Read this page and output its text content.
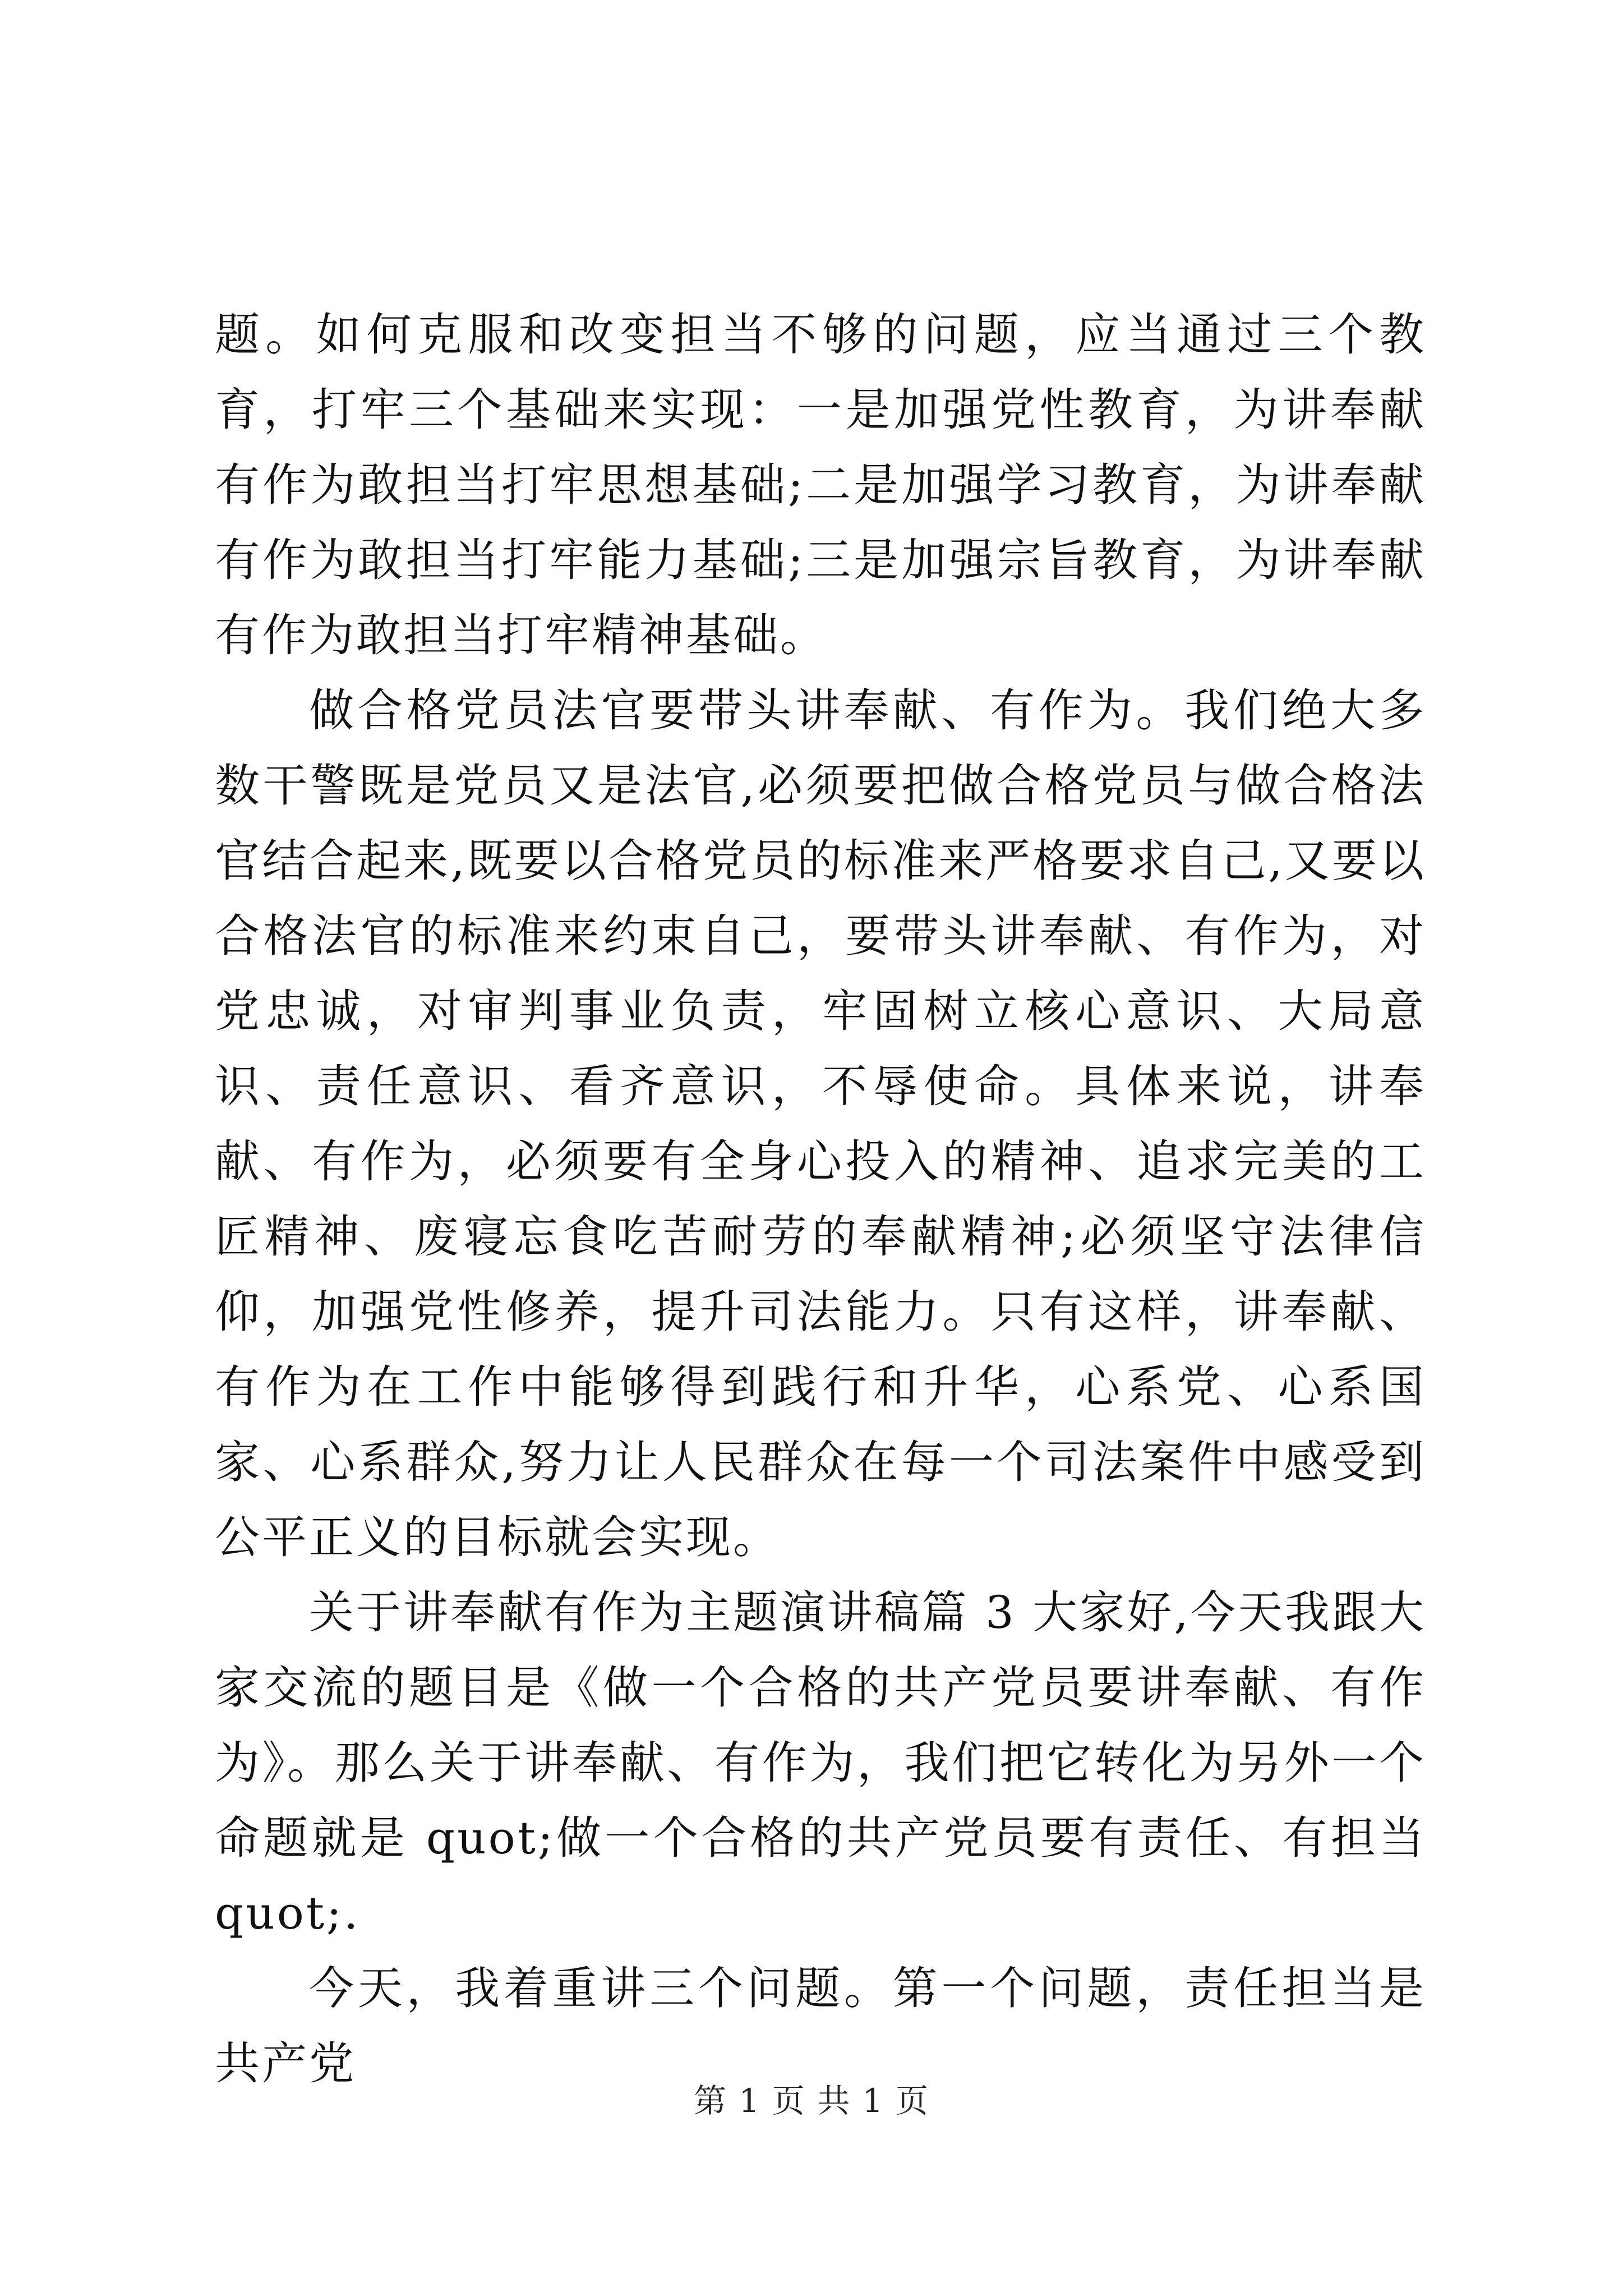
题。如何克服和改变担当不够的问题，应当通过三个教育，打牢三个基础来实现：一是加强党性教育，为讲奉献有作为敢担当打牢思想基础;二是加强学习教育，为讲奉献有作为敢担当打牢能力基础;三是加强宗旨教育，为讲奉献有作为敢担当打牢精神基础。

做合格党员法官要带头讲奉献、有作为。我们绝大多数干警既是党员又是法官,必须要把做合格党员与做合格法官结合起来,既要以合格党员的标准来严格要求自己,又要以合格法官的标准来约束自己，要带头讲奉献、有作为，对党忠诚，对审判事业负责，牢固树立核心意识、大局意识、责任意识、看齐意识，不辱使命。具体来说，讲奉献、有作为，必须要有全身心投入的精神、追求完美的工匠精神、废寝忘食吃苦耐劳的奉献精神;必须坚守法律信仰，加强党性修养，提升司法能力。只有这样，讲奉献、有作为在工作中能够得到践行和升华，心系党、心系国家、心系群众,努力让人民群众在每一个司法案件中感受到公平正义的目标就会实现。

关于讲奉献有作为主题演讲稿篇 3 大家好,今天我跟大家交流的题目是《做一个合格的共产党员要讲奉献、有作为》。那么关于讲奉献、有作为，我们把它转化为另外一个命题就是 quot;做一个合格的共产党员要有责任、有担当 quot;.

今天，我着重讲三个问题。第一个问题，责任担当是共产党

第 1 页 共 1 页
